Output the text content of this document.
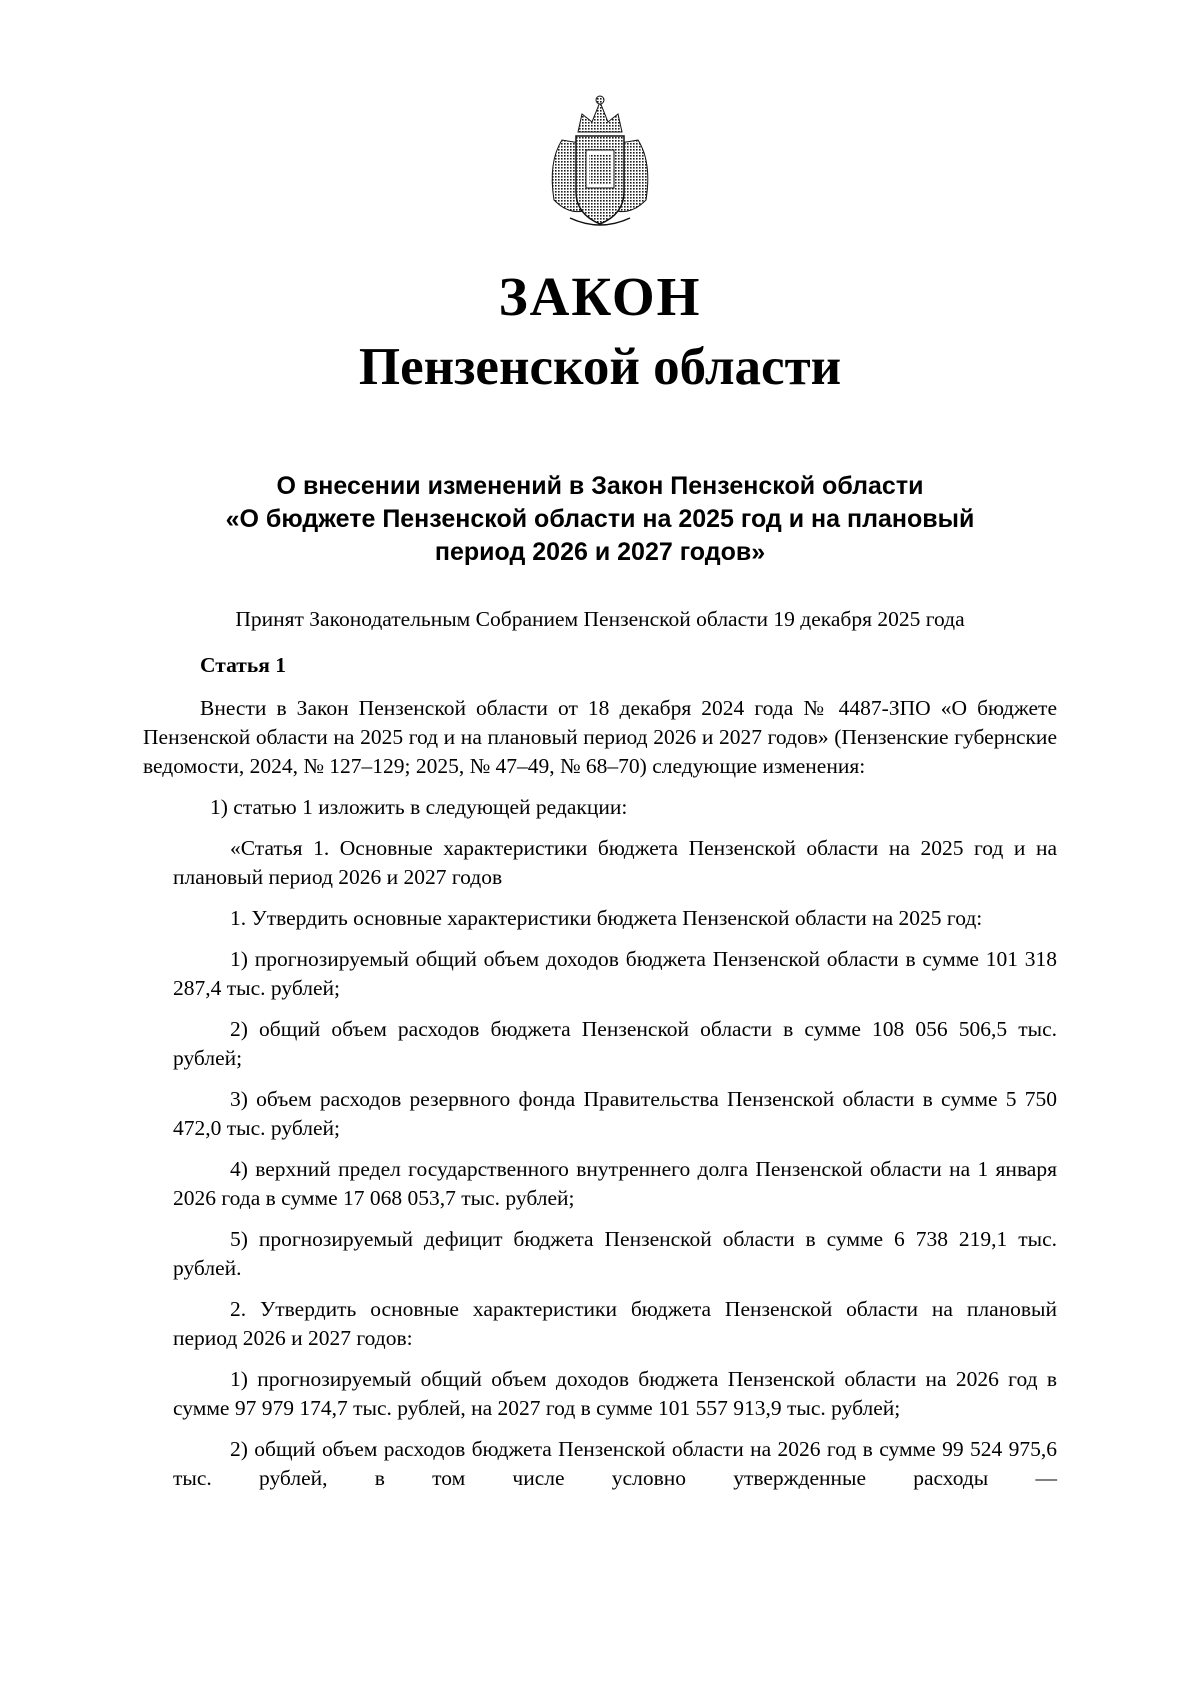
ЗАКОН
Пензенской области
О внесении изменений в Закон Пензенской области
«О бюджете Пензенской области на 2025 год и на плановый
период 2026 и 2027 годов»
Принят Законодательным Собранием Пензенской области 19 декабря 2025 года

Статья 1

Внести в Закон Пензенской области от 18 декабря 2024 года № 4487-ЗПО «О бюджете Пензенской области на 2025 год и на плановый период 2026 и 2027 годов» (Пензенские губернские ведомости, 2024, № 127–129; 2025, № 47–49, № 68–70) следующие изменения:

1) статью 1 изложить в следующей редакции:

«Статья 1. Основные характеристики бюджета Пензенской области на 2025 год и на плановый период 2026 и 2027 годов

1. Утвердить основные характеристики бюджета Пензенской области на 2025 год:

1) прогнозируемый общий объем доходов бюджета Пензенской области в сумме 101 318 287,4 тыс. рублей;

2) общий объем расходов бюджета Пензенской области в сумме 108 056 506,5 тыс. рублей;

3) объем расходов резервного фонда Правительства Пензенской области в сумме 5 750 472,0 тыс. рублей;

4) верхний предел государственного внутреннего долга Пензенской области на 1 января 2026 года в сумме 17 068 053,7 тыс. рублей;

5) прогнозируемый дефицит бюджета Пензенской области в сумме 6 738 219,1 тыс. рублей.

2. Утвердить основные характеристики бюджета Пензенской области на плановый период 2026 и 2027 годов:

1) прогнозируемый общий объем доходов бюджета Пензенской области на 2026 год в сумме 97 979 174,7 тыс. рублей, на 2027 год в сумме 101 557 913,9 тыс. рублей;

2) общий объем расходов бюджета Пензенской области на 2026 год в сумме 99 524 975,6 тыс. рублей, в том числе условно утвержденные расходы —
